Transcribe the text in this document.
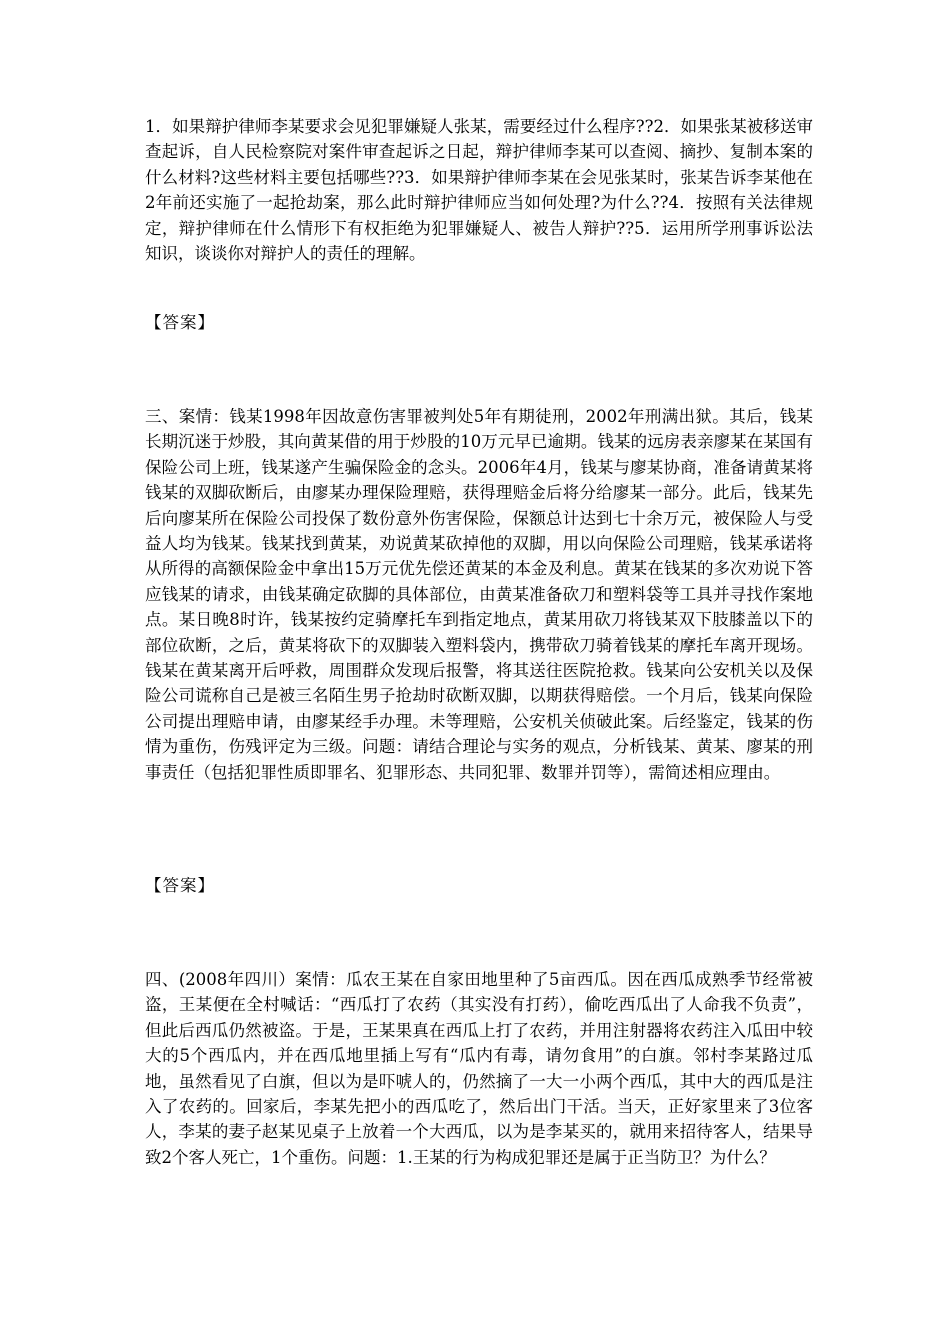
1．如果辩护律师李某要求会见犯罪嫌疑人张某，需要经过什么程序??2．如果张某被移送审查起诉，自人民检察院对案件审查起诉之日起，辩护律师李某可以查阅、摘抄、复制本案的什么材料?这些材料主要包括哪些??3．如果辩护律师李某在会见张某时，张某告诉李某他在2年前还实施了一起抢劫案，那么此时辩护律师应当如何处理?为什么??4．按照有关法律规定，辩护律师在什么情形下有权拒绝为犯罪嫌疑人、被告人辩护??5．运用所学刑事诉讼法知识，谈谈你对辩护人的责任的理解。

【答案】

三、案情：钱某1998年因故意伤害罪被判处5年有期徒刑，2002年刑满出狱。其后，钱某长期沉迷于炒股，其向黄某借的用于炒股的10万元早已逾期。钱某的远房表亲廖某在某国有保险公司上班，钱某遂产生骗保险金的念头。2006年4月，钱某与廖某协商，准备请黄某将钱某的双脚砍断后，由廖某办理保险理赔，获得理赔金后将分给廖某一部分。此后，钱某先后向廖某所在保险公司投保了数份意外伤害保险，保额总计达到七十余万元，被保险人与受益人均为钱某。钱某找到黄某，劝说黄某砍掉他的双脚，用以向保险公司理赔，钱某承诺将从所得的高额保险金中拿出15万元优先偿还黄某的本金及利息。黄某在钱某的多次劝说下答应钱某的请求，由钱某确定砍脚的具体部位，由黄某准备砍刀和塑料袋等工具并寻找作案地点。某日晚8时许，钱某按约定骑摩托车到指定地点，黄某用砍刀将钱某双下肢膝盖以下的部位砍断，之后，黄某将砍下的双脚装入塑料袋内，携带砍刀骑着钱某的摩托车离开现场。钱某在黄某离开后呼救，周围群众发现后报警，将其送往医院抢救。钱某向公安机关以及保险公司谎称自己是被三名陌生男子抢劫时砍断双脚，以期获得赔偿。一个月后，钱某向保险公司提出理赔申请，由廖某经手办理。未等理赔，公安机关侦破此案。后经鉴定，钱某的伤情为重伤，伤残评定为三级。问题：请结合理论与实务的观点，分析钱某、黄某、廖某的刑事责任（包括犯罪性质即罪名、犯罪形态、共同犯罪、数罪并罚等），需简述相应理由。

【答案】

四、(2008年四川）案情：瓜农王某在自家田地里种了5亩西瓜。因在西瓜成熟季节经常被盗，王某便在全村喊话：“西瓜打了农药（其实没有打药），偷吃西瓜出了人命我不负责”，但此后西瓜仍然被盗。于是，王某果真在西瓜上打了农药，并用注射器将农药注入瓜田中较大的5个西瓜内，并在西瓜地里插上写有“瓜内有毒，请勿食用”的白旗。邻村李某路过瓜地，虽然看见了白旗，但以为是吓唬人的，仍然摘了一大一小两个西瓜，其中大的西瓜是注入了农药的。回家后，李某先把小的西瓜吃了，然后出门干活。当天，正好家里来了3位客人，李某的妻子赵某见桌子上放着一个大西瓜，以为是李某买的，就用来招待客人，结果导致2个客人死亡，1个重伤。问题：1.王某的行为构成犯罪还是属于正当防卫？为什么？
